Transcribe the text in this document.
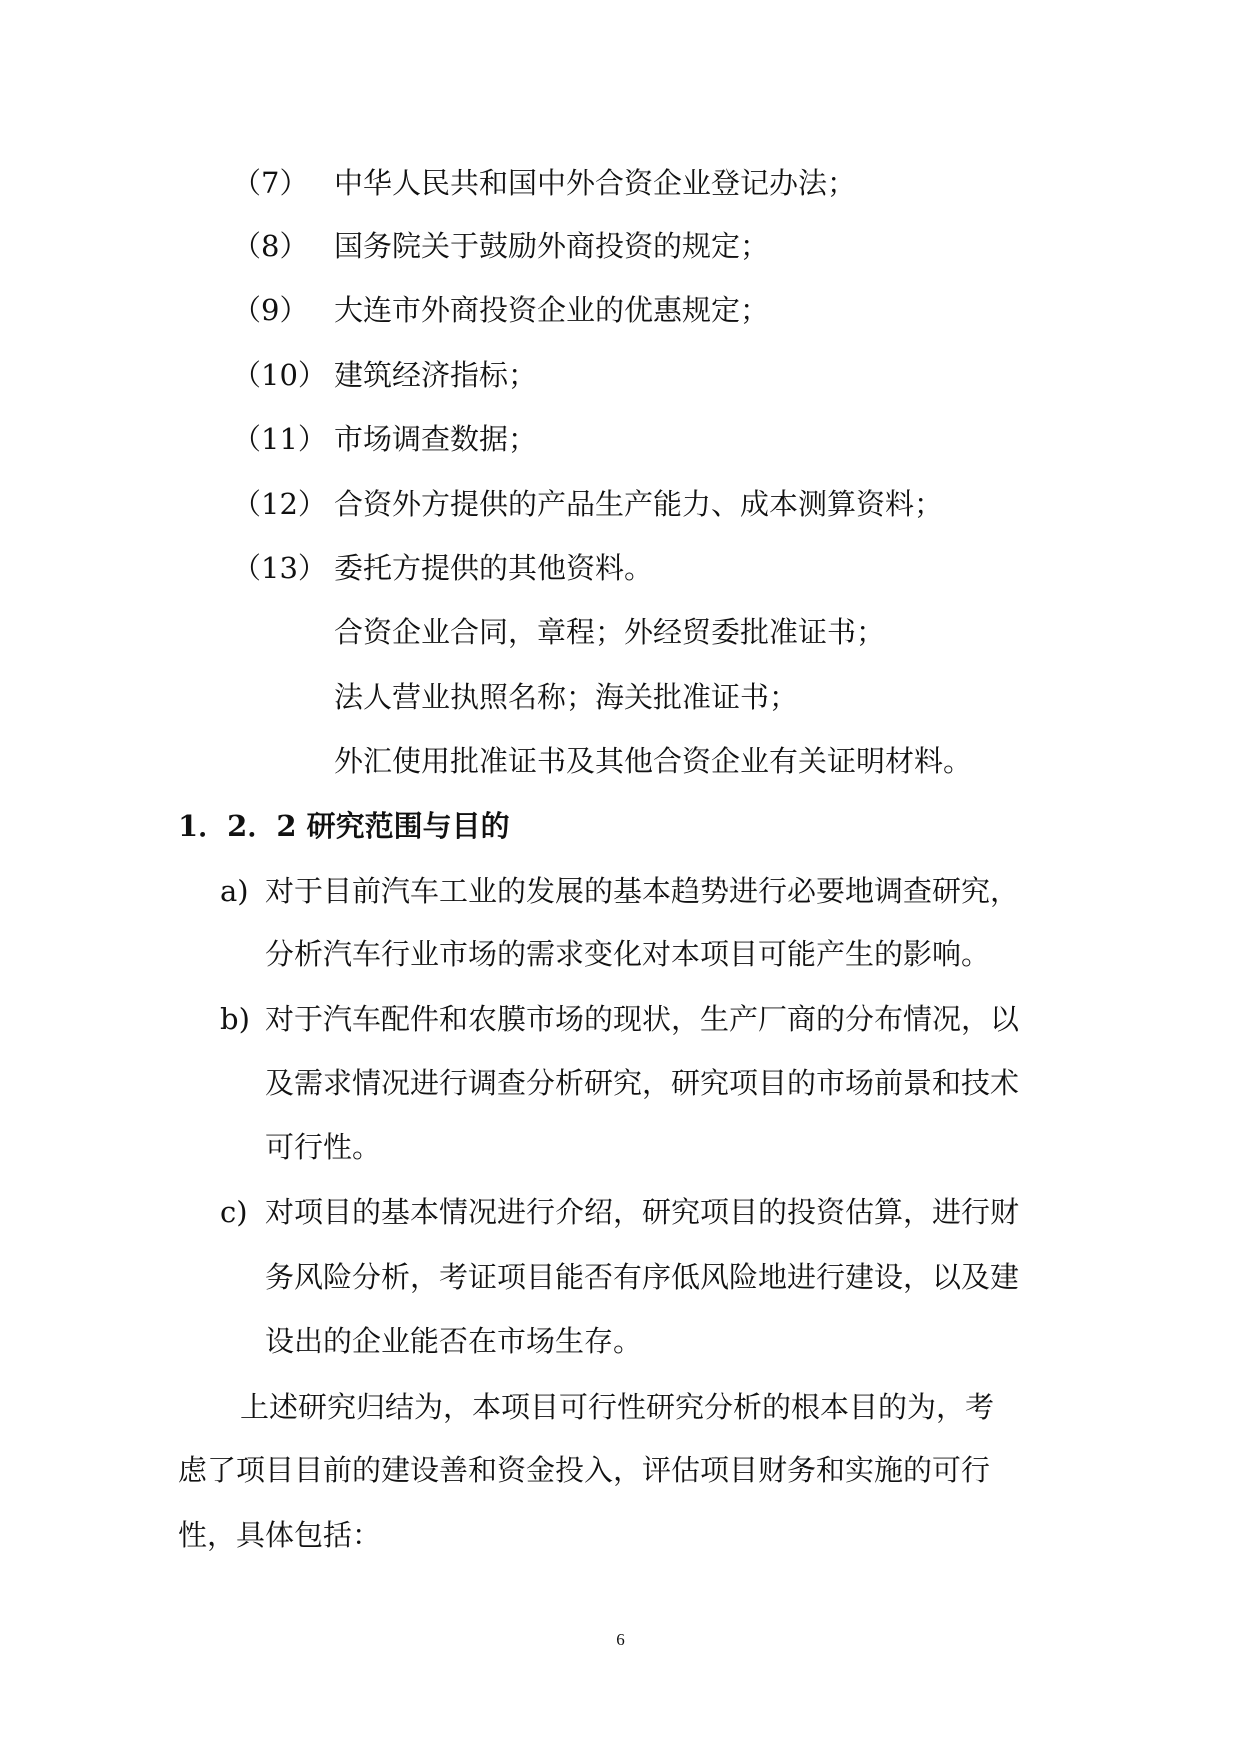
（7） 中华人民共和国中外合资企业登记办法；
（8） 国务院关于鼓励外商投资的规定；
（9） 大连市外商投资企业的优惠规定；
（10） 建筑经济指标；
（11） 市场调查数据；
（12） 合资外方提供的产品生产能力、成本测算资料；
（13） 委托方提供的其他资料。
合资企业合同，章程；外经贸委批准证书；
法人营业执照名称；海关批准证书；
外汇使用批准证书及其他合资企业有关证明材料。
1．2．2 研究范围与目的
a) 对于目前汽车工业的发展的基本趋势进行必要地调查研究，
分析汽车行业市场的需求变化对本项目可能产生的影响。
b) 对于汽车配件和农膜市场的现状，生产厂商的分布情况，以
及需求情况进行调查分析研究，研究项目的市场前景和技术
可行性。
c) 对项目的基本情况进行介绍，研究项目的投资估算，进行财
务风险分析，考证项目能否有序低风险地进行建设，以及建
设出的企业能否在市场生存。
上述研究归结为，本项目可行性研究分析的根本目的为，考
虑了项目目前的建设善和资金投入，评估项目财务和实施的可行
性，具体包括：
6
